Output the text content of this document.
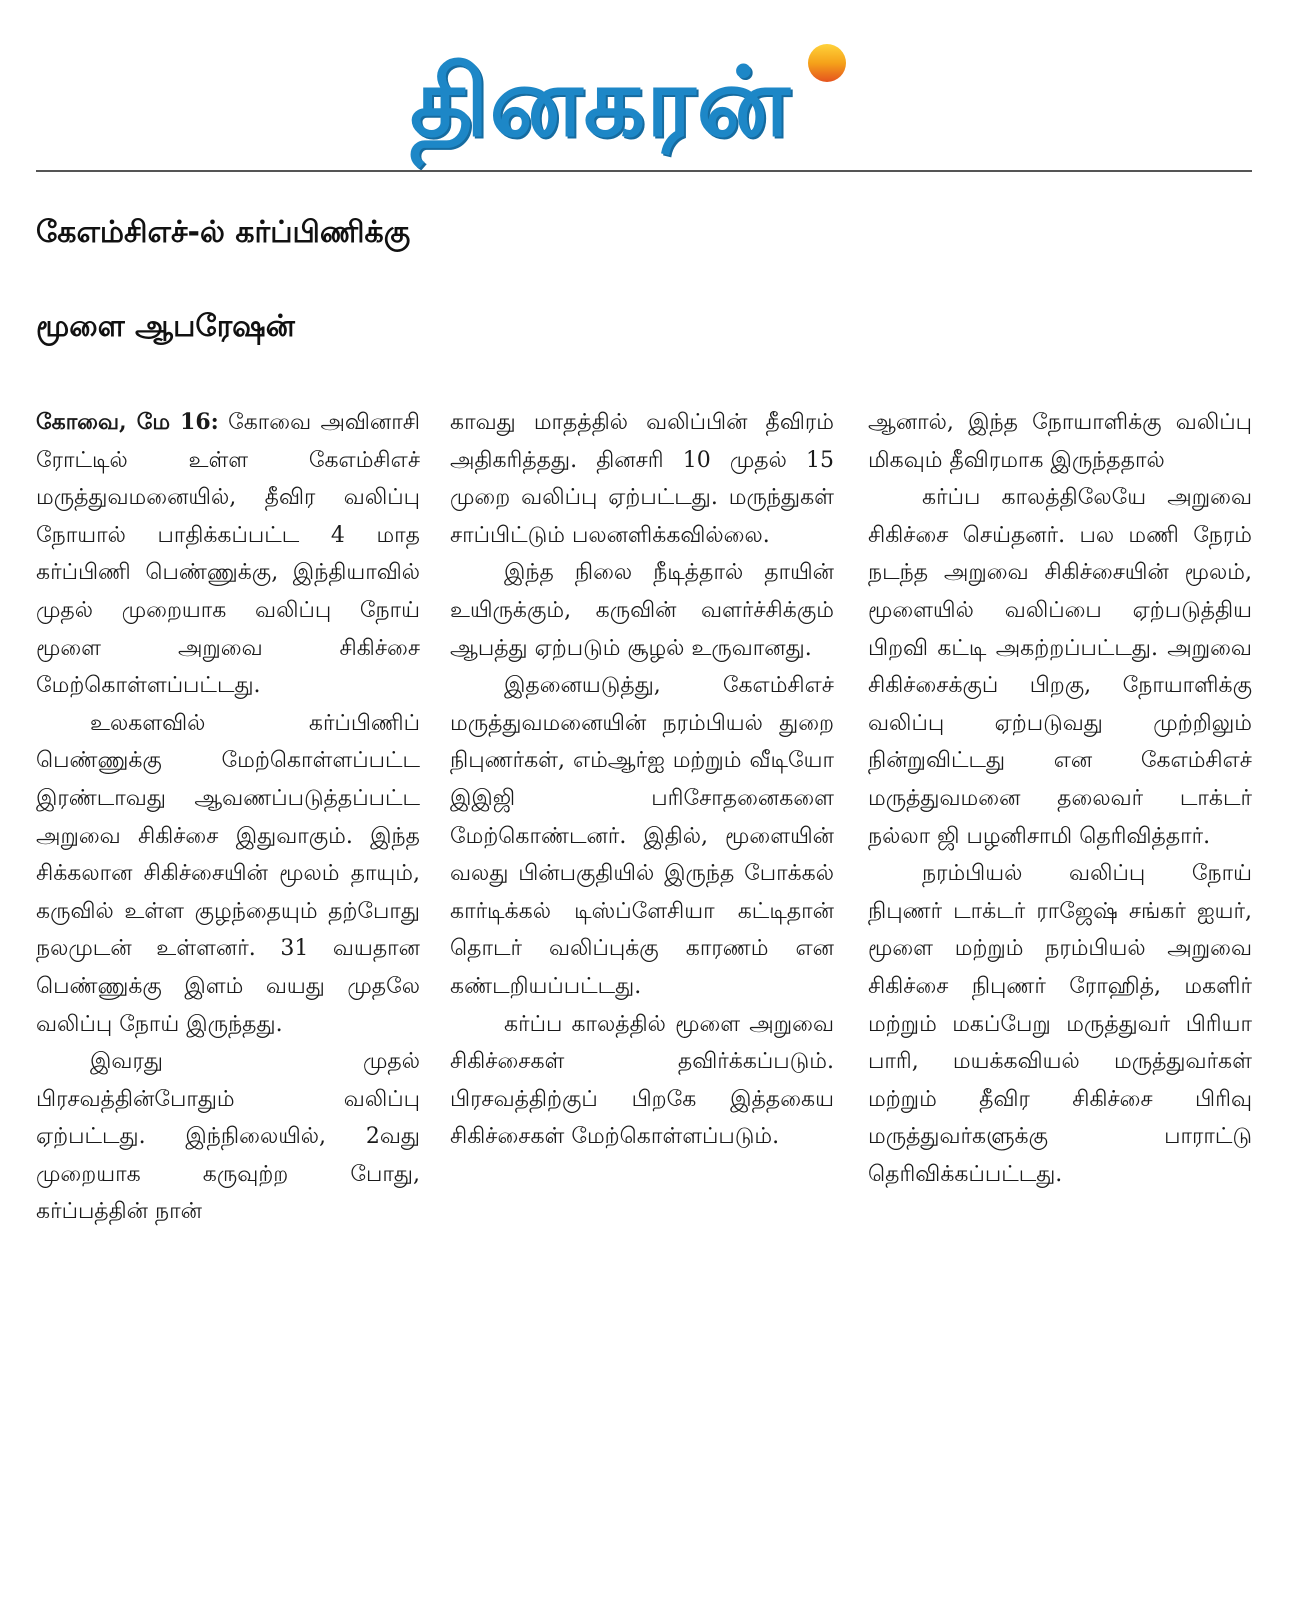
தினகரன்
கேஎம்சிஎச்-ல் கர்ப்பிணிக்கு
மூளை ஆபரேஷன்

கோவை, மே 16: கோவை அவினாசி ரோட்டில் உள்ள கேஎம்சிஎச் மருத்துவமனையில், தீவிர வலிப்பு நோயால் பாதிக்கப்பட்ட 4 மாத கர்ப்பிணி பெண்ணுக்கு, இந்தியாவில் முதல் முறையாக வலிப்பு நோய் மூளை அறுவை சிகிச்சை மேற்கொள்ளப்பட்டது.

உலகளவில் கர்ப்பிணிப் பெண்ணுக்கு மேற்கொள்ளப்பட்ட இரண்டாவது ஆவணப்படுத்தப்பட்ட அறுவை சிகிச்சை இதுவாகும். இந்த சிக்கலான சிகிச்சையின் மூலம் தாயும், கருவில் உள்ள குழந்தையும் தற்போது நலமுடன் உள்ளனர். 31 வயதான பெண்ணுக்கு இளம் வயது முதலே வலிப்பு நோய் இருந்தது.

இவரது முதல் பிரசவத்தின்போதும் வலிப்பு ஏற்பட்டது. இந்நிலையில், 2வது முறையாக கருவுற்ற போது, கர்ப்பத்தின் நான்

காவது மாதத்தில் வலிப்பின் தீவிரம் அதிகரித்தது. தினசரி 10 முதல் 15 முறை வலிப்பு ஏற்பட்டது. மருந்துகள் சாப்பிட்டும் பலனளிக்கவில்லை.

இந்த நிலை நீடித்தால் தாயின் உயிருக்கும், கருவின் வளர்ச்சிக்கும் ஆபத்து ஏற்படும் சூழல் உருவானது.

இதனையடுத்து, கேஎம்சிஎச் மருத்துவமனையின் நரம்பியல் துறை நிபுணர்கள், எம்ஆர்ஐ மற்றும் வீடியோ இஇஜி பரிசோதனைகளை மேற்கொண்டனர். இதில், மூளையின் வலது பின்பகுதியில் இருந்த போக்கல் கார்டிக்கல் டிஸ்ப்ளேசியா கட்டிதான் தொடர் வலிப்புக்கு காரணம் என கண்டறியப்பட்டது.

கர்ப்ப காலத்தில் மூளை அறுவை சிகிச்சைகள் தவிர்க்கப்படும். பிரசவத்திற்குப் பிறகே இத்தகைய சிகிச்சைகள் மேற்கொள்ளப்படும்.

ஆனால், இந்த நோயாளிக்கு வலிப்பு மிகவும் தீவிரமாக இருந்ததால்

கர்ப்ப காலத்திலேயே அறுவை சிகிச்சை செய்தனர். பல மணி நேரம் நடந்த அறுவை சிகிச்சையின் மூலம், மூளையில் வலிப்பை ஏற்படுத்திய பிறவி கட்டி அகற்றப்பட்டது. அறுவை சிகிச்சைக்குப் பிறகு, நோயாளிக்கு வலிப்பு ஏற்படுவது முற்றிலும் நின்றுவிட்டது என கேஎம்சிஎச் மருத்துவமனை தலைவர் டாக்டர் நல்லா ஜி பழனிசாமி தெரிவித்தார்.

நரம்பியல் வலிப்பு நோய் நிபுணர் டாக்டர் ராஜேஷ் சங்கர் ஐயர், மூளை மற்றும் நரம்பியல் அறுவை சிகிச்சை நிபுணர் ரோஹித், மகளிர் மற்றும் மகப்பேறு மருத்துவர் பிரியா பாரி, மயக்கவியல் மருத்துவர்கள் மற்றும் தீவிர சிகிச்சை பிரிவு மருத்துவர்களுக்கு பாராட்டு தெரிவிக்கப்பட்டது.
